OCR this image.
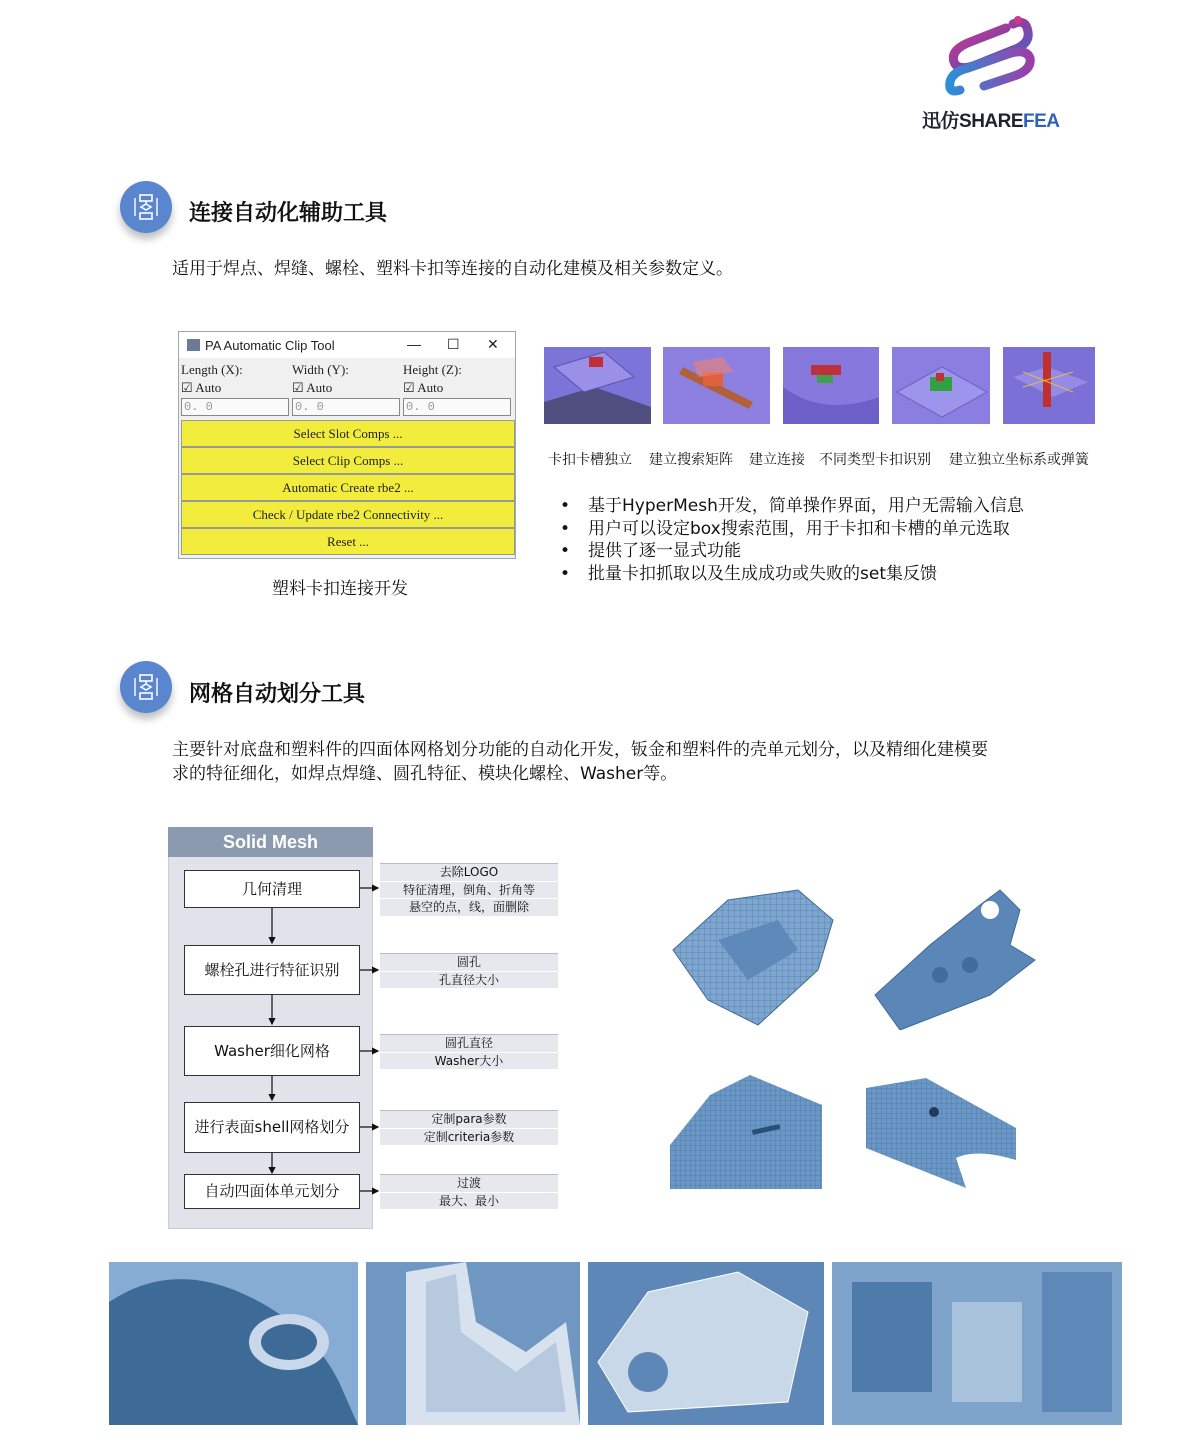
迅仿SHAREFEA
连接自动化辅助工具
适用于焊点、焊缝、螺栓、塑料卡扣等连接的自动化建模及相关参数定义。
PA Automatic Clip Tool	— ☐ ✕
Length (X):
☑ Auto
0. 0
Width (Y):
☑ Auto
0. 0
Height (Z):
☑ Auto
0. 0
Select Slot Comps ...
Select Clip Comps ...
Automatic Create rbe2 ...
Check / Update rbe2 Connectivity ...
Reset ...
塑料卡扣连接开发
卡扣卡槽独立 建立搜索矩阵 建立连接 不同类型卡扣识别 建立独立坐标系或弹簧
• 基于HyperMesh开发，简单操作界面，用户无需输入信息
• 用户可以设定box搜索范围，用于卡扣和卡槽的单元选取
• 提供了逐一显式功能
• 批量卡扣抓取以及生成成功或失败的set集反馈
网格自动划分工具
主要针对底盘和塑料件的四面体网格划分功能的自动化开发，钣金和塑料件的壳单元划分，以及精细化建模要
求的特征细化，如焊点焊缝、圆孔特征、模块化螺栓、Washer等。
Solid Mesh
几何清理
螺栓孔进行特征识别
Washer细化网格
进行表面shell网格划分
自动四面体单元划分
去除LOGO
特征清理，倒角、折角等
悬空的点，线，面删除
圆孔
孔直径大小
圆孔直径
Washer大小
定制para参数
定制criteria参数
过渡
最大、最小
